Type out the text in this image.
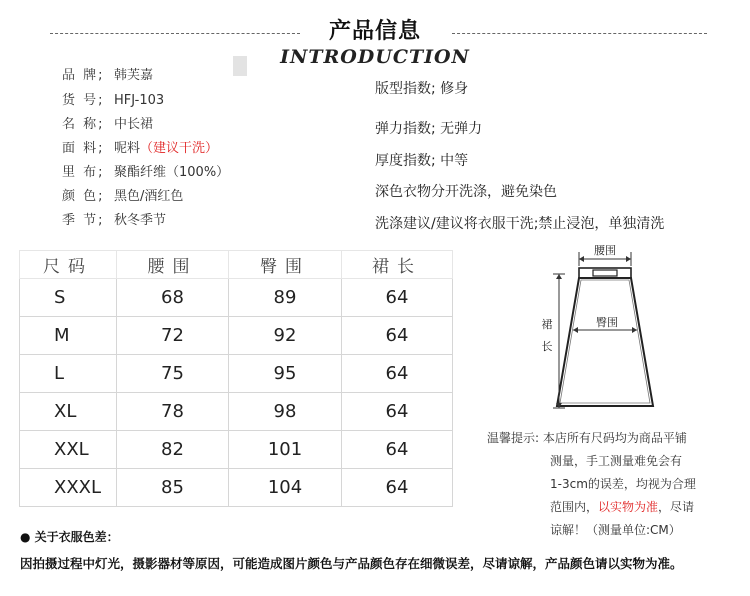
产品信息
INTRODUCTION
品 牌; 韩芙嘉
货 号; HFJ-103
名 称; 中长裙
面 料; 呢料（建议干洗）
里 布; 聚酯纤维（100%）
颜 色; 黑色/酒红色
季 节; 秋冬季节
版型指数; 修身
弹力指数; 无弹力
厚度指数; 中等
深色衣物分开洗涤，避免染色
洗涤建议/建议将衣服干洗;禁止浸泡，单独清洗
尺码	腰围	臀围	裙长
S	68	89	64
M	72	92	64
L	75	95	64
XL	78	98	64
XXL	82	101	64
XXXL	85	104	64
腰围
臀围
裙
长
温馨提示: 本店所有尺码均为商品平铺
测量，手工测量难免会有
1-3cm的误差，均视为合理
范围内，以实物为准，尽请
谅解！（测量单位:CM）
● 关于衣服色差：
因拍摄过程中灯光，摄影器材等原因，可能造成图片颜色与产品颜色存在细微误差，尽请谅解，产品颜色请以实物为准。
